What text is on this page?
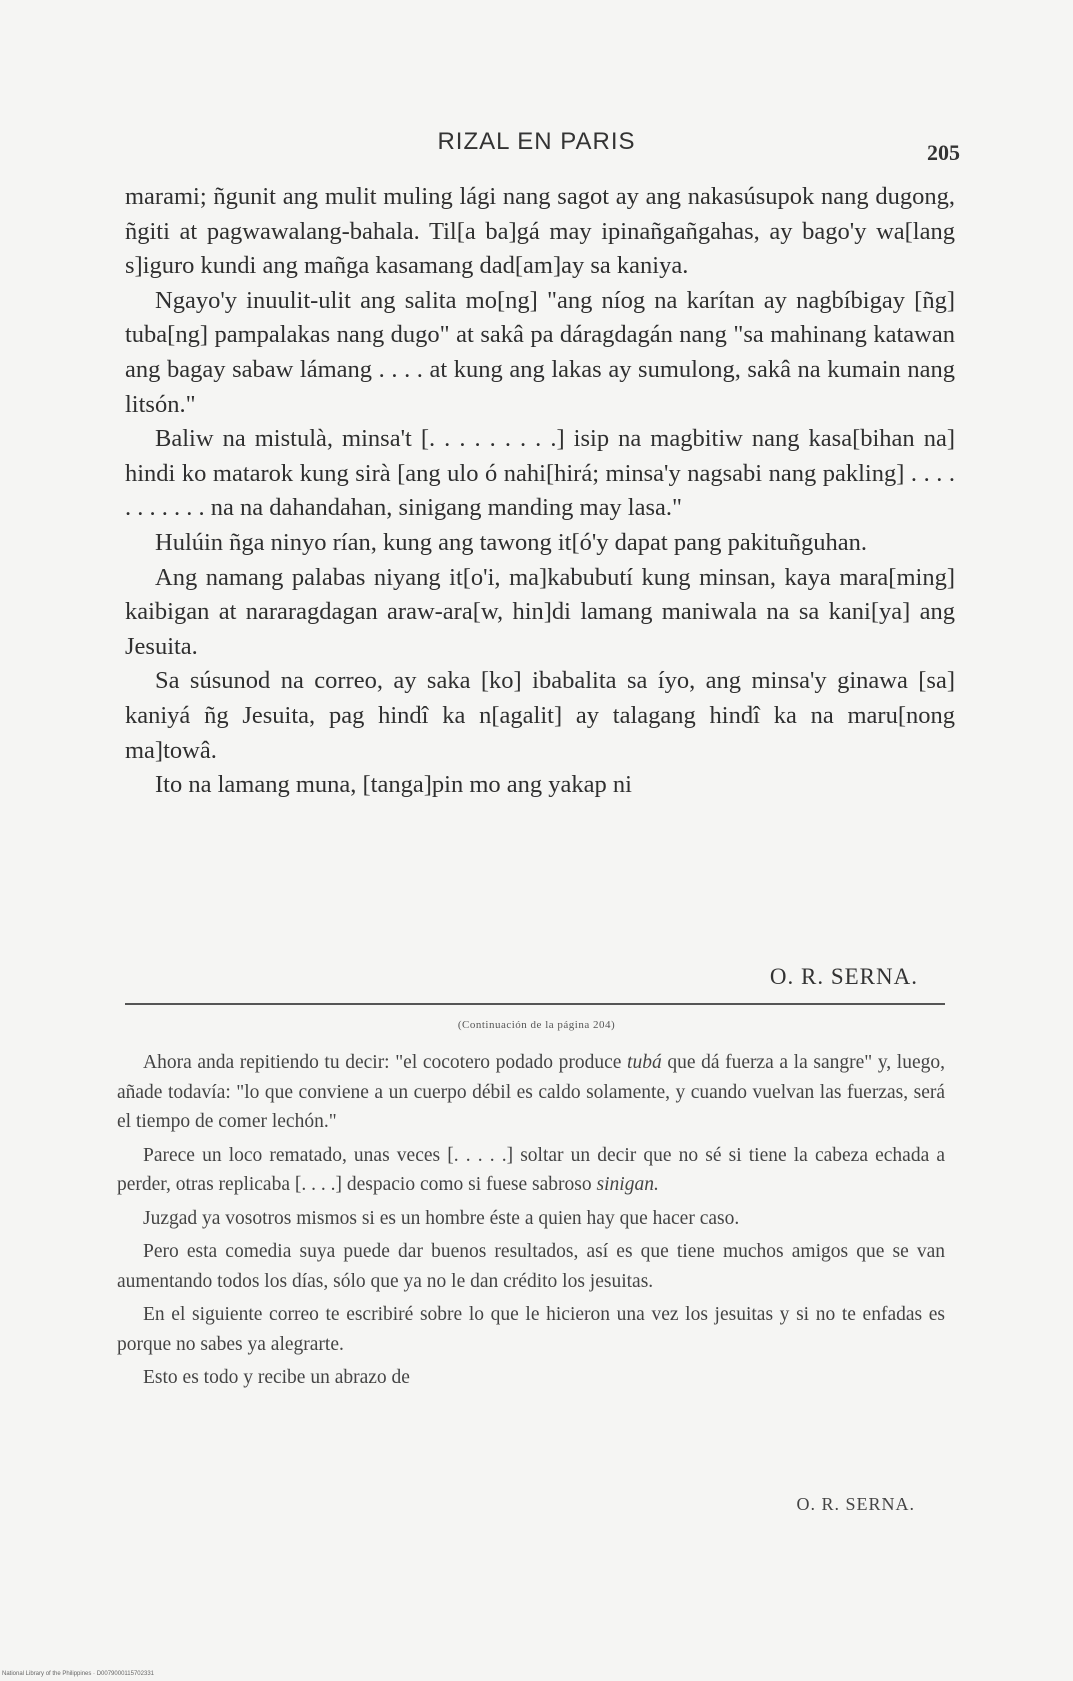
RIZAL EN PARIS	205

marami; ñgunit ang mulit muling lági nang sagot ay ang nakasúsupok nang dugong, ñgiti at pagwawalang-bahala. Til[a ba]gá may ipinañgañgahas, ay bago'y wa[lang s]iguro kundi ang mañga kasamang dad[am]ay sa kaniya.

Ngayo'y inuulit-ulit ang salita mo[ng] "ang níog na karítan ay nagbíbigay [ñg] tuba[ng] pampalakas nang dugo" at sakâ pa dáragdagán nang "sa mahinang katawan ang bagay sabaw lámang . . . . at kung ang lakas ay sumulong, sakâ na kumain nang litsón."

Baliw na mistulà, minsa't [. . . . . . . . .] isip na magbitiw nang kasa[bihan na] hindi ko matarok kung sirà [ang ulo ó nahi[hirá; minsa'y nagsabi nang pakling] . . . . . . . . . . . na na dahandahan, sinigang manding may lasa."

Hulúin ñga ninyo rían, kung ang tawong it[ó'y dapat pang pakituñguhan.

Ang namang palabas niyang it[o'i, ma]kabubutí kung minsan, kaya mara[ming] kaibigan at nararagdagan araw-ara[w, hin]di lamang maniwala na sa kani[ya] ang Jesuita.

Sa súsunod na correo, ay saka [ko] ibabalita sa íyo, ang minsa'y ginawa [sa] kaniyá ñg Jesuita, pag hindî ka n[agalit] ay talagang hindî ka na maru[nong ma]towâ.

Ito na lamang muna, [tanga]pin mo ang yakap ni

O. R. SERNA.
(Continuación de la página 204)

Ahora anda repitiendo tu decir: "el cocotero podado produce tubá que dá fuerza a la sangre" y, luego, añade todavía: "lo que conviene a un cuerpo débil es caldo solamente, y cuando vuelvan las fuerzas, será el tiempo de comer lechón."

Parece un loco rematado, unas veces [. . . . .] soltar un decir que no sé si tiene la cabeza echada a perder, otras replicaba [. . . .] despacio como si fuese sabroso sinigan.

Juzgad ya vosotros mismos si es un hombre éste a quien hay que hacer caso.

Pero esta comedia suya puede dar buenos resultados, así es que tiene muchos amigos que se van aumentando todos los días, sólo que ya no le dan crédito los jesuitas.

En el siguiente correo te escribiré sobre lo que le hicieron una vez los jesuitas y si no te enfadas es porque no sabes ya alegrarte.

Esto es todo y recibe un abrazo de

O. R. SERNA.
National Library of the Philippines · D0079000115702331
